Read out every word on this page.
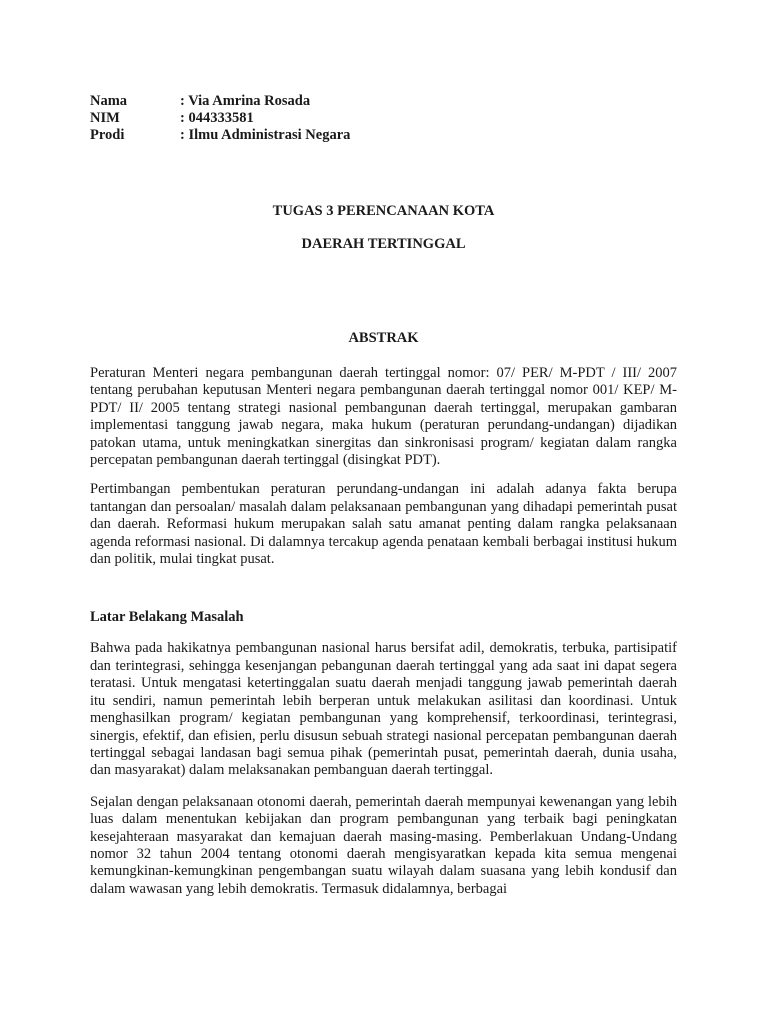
Nama	: Via Amrina Rosada
NIM	: 044333581
Prodi	: Ilmu Administrasi Negara

TUGAS 3 PERENCANAAN KOTA

DAERAH TERTINGGAL

ABSTRAK

Peraturan Menteri negara pembangunan daerah tertinggal nomor: 07/ PER/ M-PDT / III/ 2007 tentang perubahan keputusan Menteri negara pembangunan daerah tertinggal nomor 001/ KEP/ M-PDT/ II/ 2005 tentang strategi nasional pembangunan daerah tertinggal, merupakan gambaran implementasi tanggung jawab negara, maka hukum (peraturan perundang-undangan) dijadikan patokan utama, untuk meningkatkan sinergitas dan sinkronisasi program/ kegiatan dalam rangka percepatan pembangunan daerah tertinggal (disingkat PDT).

Pertimbangan pembentukan peraturan perundang-undangan ini adalah adanya fakta berupa tantangan dan persoalan/ masalah dalam pelaksanaan pembangunan yang dihadapi pemerintah pusat dan daerah. Reformasi hukum merupakan salah satu amanat penting dalam rangka pelaksanaan agenda reformasi nasional. Di dalamnya tercakup agenda penataan kembali berbagai institusi hukum dan politik, mulai tingkat pusat.

Latar Belakang Masalah

Bahwa pada hakikatnya pembangunan nasional harus bersifat adil, demokratis, terbuka, partisipatif dan terintegrasi, sehingga kesenjangan pebangunan daerah tertinggal yang ada saat ini dapat segera teratasi. Untuk mengatasi ketertinggalan suatu daerah menjadi tanggung jawab pemerintah daerah itu sendiri, namun pemerintah lebih berperan untuk melakukan asilitasi dan koordinasi. Untuk menghasilkan program/ kegiatan pembangunan yang komprehensif, terkoordinasi, terintegrasi, sinergis, efektif, dan efisien, perlu disusun sebuah strategi nasional percepatan pembangunan daerah tertinggal sebagai landasan bagi semua pihak (pemerintah pusat, pemerintah daerah, dunia usaha, dan masyarakat) dalam melaksanakan pembanguan daerah tertinggal.

Sejalan dengan pelaksanaan otonomi daerah, pemerintah daerah mempunyai kewenangan yang lebih luas dalam menentukan kebijakan dan program pembangunan yang terbaik bagi peningkatan kesejahteraan masyarakat dan kemajuan daerah masing-masing. Pemberlakuan Undang-Undang nomor 32 tahun 2004 tentang otonomi daerah mengisyaratkan kepada kita semua mengenai kemungkinan-kemungkinan pengembangan suatu wilayah dalam suasana yang lebih kondusif dan dalam wawasan yang lebih demokratis. Termasuk didalamnya, berbagai
